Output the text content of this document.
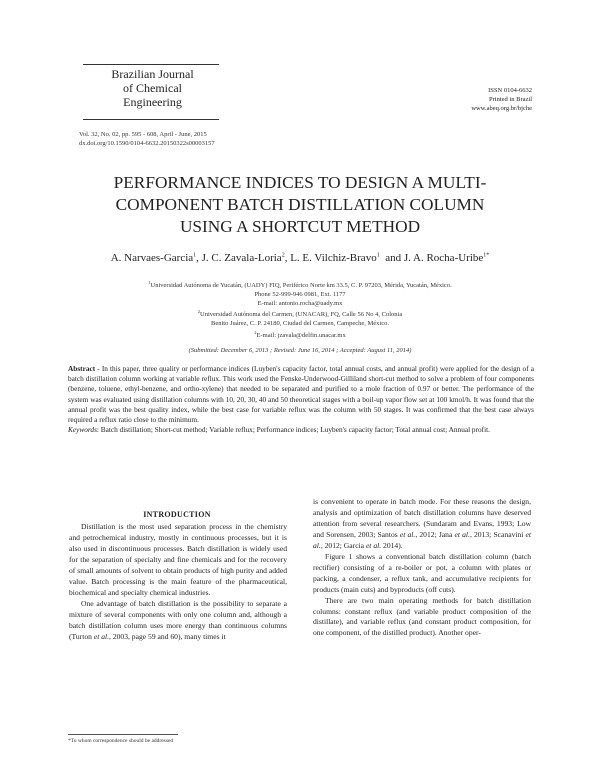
Brazilian Journal
of Chemical
Engineering
ISSN 0104-6632
Printed in Brazil
www.abeq.org.br/bjche
Vol. 32, No. 02, pp. 595 - 608, April - June, 2015
dx.doi.org/10.1590/0104-6632.20150322s00003157
PERFORMANCE INDICES TO DESIGN A MULTI-
COMPONENT BATCH DISTILLATION COLUMN
USING A SHORTCUT METHOD
A. Narvaes-Garcia$^1$, J. C. Zavala-Loria$^2$, L. E. Vilchiz-Bravo$^1$  and J. A. Rocha-Uribe$^{1*}$
$^1$Universidad Autónoma de Yucatán, (UADY) FIQ, Periférico Norte km 33.5, C. P. 97203, Mérida, Yucatán, México.
Phone 52-999-946 0981, Ext. 1177
E-mail: antonio.rocha@uady.mx
$^2$Universidad Autónoma del Carmen, (UNACAR), FQ, Calle 56 No 4, Colonia
Benito Juárez, C. P. 24180, Ciudad del Carmen, Campeche, México.
$^2$E-mail: jzavala@delfin.unacar.mx
(Submitted: December 6, 2013 ; Revised: June 16, 2014 ; Accepted: August 11, 2014)
Abstract - In this paper, three quality or performance indices (Luyben's capacity factor, total annual costs, and annual profit) were applied for the design of a batch distillation column working at variable reflux. This work used the Fenske-Underwood-Gilliland short-cut method to solve a problem of four components (benzene, toluene, ethyl-benzene, and ortho-xylene) that needed to be separated and purified to a mole fraction of 0.97 or better. The performance of the system was evaluated using distillation columns with 10, 20, 30, 40 and 50 theoretical stages with a boil-up vapor flow set at 100 kmol/h. It was found that the annual profit was the best quality index, while the best case for variable reflux was the column with 50 stages. It was confirmed that the best case always required a reflux ratio close to the minimum.
Keywords: Batch distillation; Short-cut method; Variable reflux; Performance indices; Luyben's capacity factor; Total annual cost; Annual profit.
INTRODUCTION

Distillation is the most used separation process in the chemistry and petrochemical industry, mostly in continuous processes, but it is also used in discontinuous processes. Batch distillation is widely used for the separation of specialty and fine chemicals and for the recovery of small amounts of solvent to obtain products of high purity and added value. Batch processing is the main feature of the pharmaceutical, biochemical and specialty chemical industries.

One advantage of batch distillation is the possibility to separate a mixture of several components with only one column and, although a batch distillation column uses more energy than continuous columns (Turton et al., 2003, page 59 and 60), many times it

is convenient to operate in batch mode. For these reasons the design, analysis and optimization of batch distillation columns have deserved attention from several researchers. (Sundaram and Evans, 1993; Low and Sorensen, 2003; Santos et al., 2012; Jana et al., 2013; Scanavini et al., 2012; Garcia et al. 2014).

Figure 1 shows a conventional batch distillation column (batch rectifier) consisting of a re-boiler or pot, a column with plates or packing, a condenser, a reflux tank, and accumulative recipients for products (main cuts) and byproducts (off cuts).

There are two main operating methods for batch distillation columns: constant reflux (and variable product composition of the distillate), and variable reflux (and constant product composition, for one component, of the distilled product). Another oper-

*To whom correspondence should be addressed
